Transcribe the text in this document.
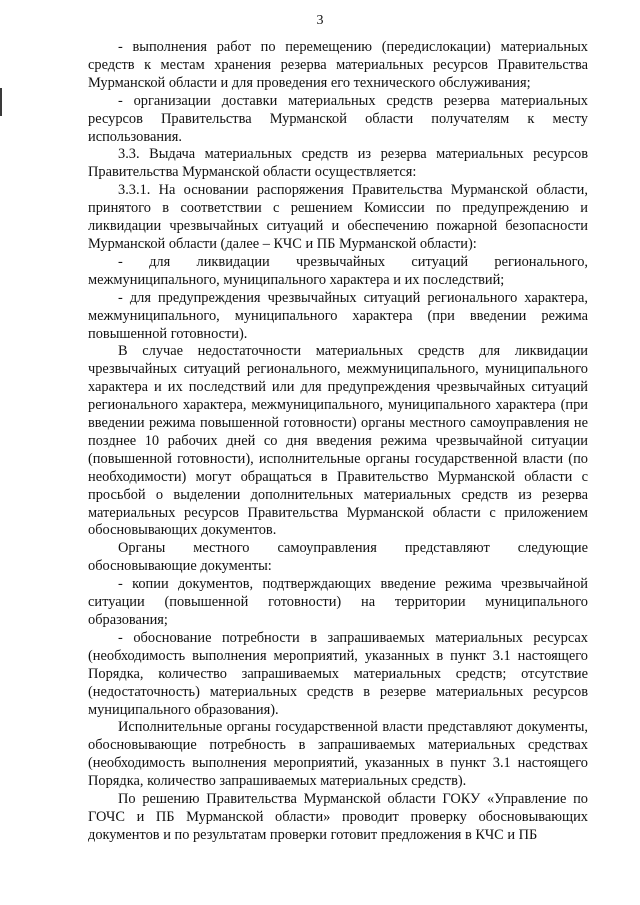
3

- выполнения работ по перемещению (передислокации) материальных средств к местам хранения резерва материальных ресурсов Правительства Мурманской области и для проведения его технического обслуживания;

- организации доставки материальных средств резерва материальных ресурсов Правительства Мурманской области получателям к месту использования.

3.3. Выдача материальных средств из резерва материальных ресурсов Правительства Мурманской области осуществляется:

3.3.1. На основании распоряжения Правительства Мурманской области, принятого в соответствии с решением Комиссии по предупреждению и ликвидации чрезвычайных ситуаций и обеспечению пожарной безопасности Мурманской области (далее – КЧС и ПБ Мурманской области):

- для ликвидации чрезвычайных ситуаций регионального, межмуниципального, муниципального характера и их последствий;

- для предупреждения чрезвычайных ситуаций регионального характера, межмуниципального, муниципального характера (при введении режима повышенной готовности).

В случае недостаточности материальных средств для ликвидации чрезвычайных ситуаций регионального, межмуниципального, муниципального характера и их последствий или для предупреждения чрезвычайных ситуаций регионального характера, межмуниципального, муниципального характера (при введении режима повышенной готовности) органы местного самоуправления не позднее 10 рабочих дней со дня введения режима чрезвычайной ситуации (повышенной готовности), исполнительные органы государственной власти (по необходимости) могут обращаться в Правительство Мурманской области с просьбой о выделении дополнительных материальных средств из резерва материальных ресурсов Правительства Мурманской области с приложением обосновывающих документов.

Органы местного самоуправления представляют следующие обосновывающие документы:

- копии документов, подтверждающих введение режима чрезвычайной ситуации (повышенной готовности) на территории муниципального образования;

- обоснование потребности в запрашиваемых материальных ресурсах (необходимость выполнения мероприятий, указанных в пункт 3.1 настоящего Порядка, количество запрашиваемых материальных средств; отсутствие (недостаточность) материальных средств в резерве материальных ресурсов муниципального образования).

Исполнительные органы государственной власти представляют документы, обосновывающие потребность в запрашиваемых материальных средствах (необходимость выполнения мероприятий, указанных в пункт 3.1 настоящего Порядка, количество запрашиваемых материальных средств).

По решению Правительства Мурманской области ГОКУ «Управление по ГОЧС и ПБ Мурманской области» проводит проверку обосновывающих документов и по результатам проверки готовит предложения в КЧС и ПБ
